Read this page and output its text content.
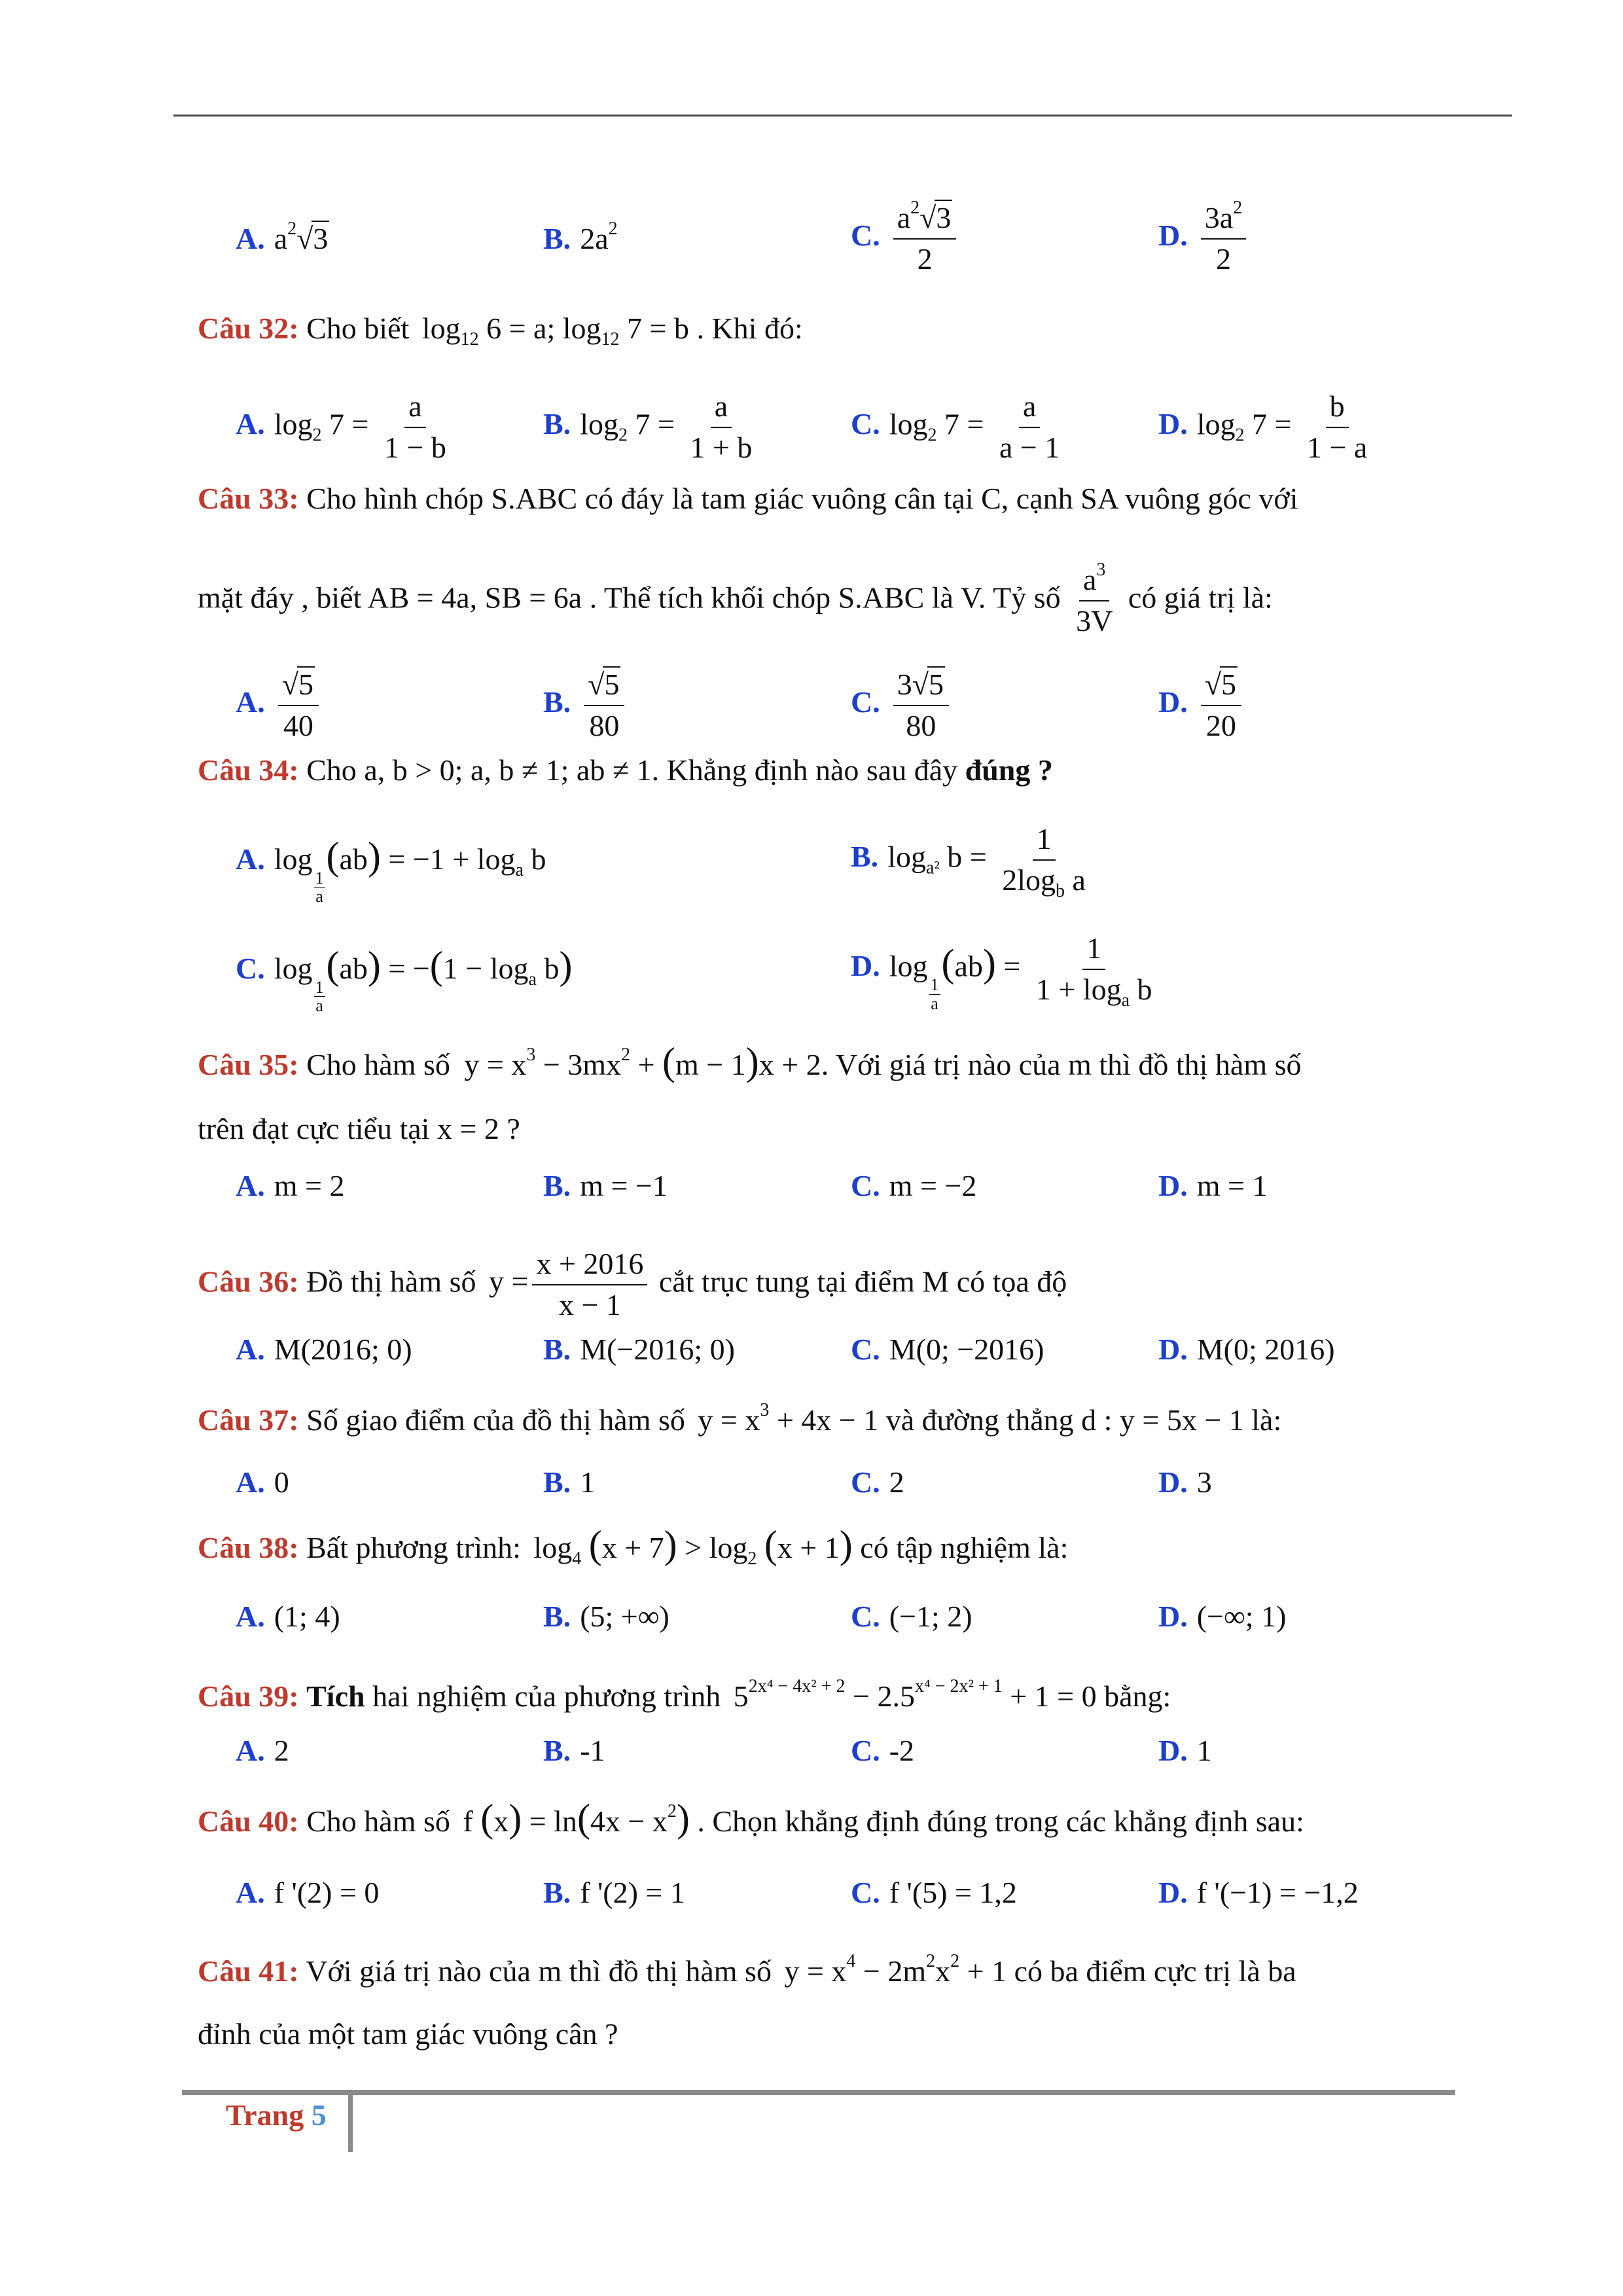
A. $a^2√3$	B. $2a^2$	C. $\frac{a^2√3}{2}$	D. $\frac{3a^2}{2}$
Câu 32: Cho biết $\log_{12} 6 = a$; $\log_{12} 7 = b$ . Khi đó:
A. $\log_2 7 = \frac{a}{1 - b}$	B. $\log_2 7 = \frac{a}{1 + b}$	C. $\log_2 7 = \frac{a}{a - 1}$	D. $\log_2 7 = \frac{b}{1 - a}$
Câu 33: Cho hình chóp S.ABC có đáy là tam giác vuông cân tại C, cạnh SA vuông góc với
mặt đáy , biết AB = 4a, SB = 6a . Thể tích khối chóp S.ABC là V. Tỷ số $\frac{a^3}{3V}$ có giá trị là:
A. $\frac{√5}{40}$	B. $\frac{√5}{80}$	C. $\frac{3√5}{80}$	D. $\frac{√5}{20}$
Câu 34: Cho a, b > 0; a, b ≠ 1; ab ≠ 1. Khẳng định nào sau đây đúng ?
A. log
$\frac{1}{a}$
$(ab) = -1 + \log_a b$	B. $\log_{a^2} b = \frac{1}{2\log_b a}$
C. log
$\frac{1}{a}$
$(ab) = -(1 - \log_a b)$	D. log
$\frac{1}{a}$
$(ab) = \frac{1}{1 + \log_a b}$
Câu 35: Cho hàm số $y = x^3 - 3mx^2 + (m - 1)x + 2$. Với giá trị nào của m thì đồ thị hàm số
trên đạt cực tiểu tại x = 2 ?
A. m = 2	B. m = −1	C. m = −2	D. m = 1
Câu 36: Đồ thị hàm số $y = \frac{x + 2016}{x - 1}$ cắt trục tung tại điểm M có tọa độ
A. M(2016; 0)	B. M(−2016; 0)	C. M(0; −2016)	D. M(0; 2016)
Câu 37: Số giao điểm của đồ thị hàm số $y = x^3 + 4x - 1$ và đường thẳng d : y = 5x − 1 là:
A. 0	B. 1	C. 2	D. 3
Câu 38: Bất phương trình: $\log_4 (x + 7) > \log_2 (x + 1)$ có tập nghiệm là:
A. (1; 4)	B. (5; +∞)	C. (−1; 2)	D. (−∞; 1)
Câu 39: Tích hai nghiệm của phương trình $5^{2x^4 - 4x^2 + 2} - 2.5^{x^4 - 2x^2 + 1} + 1 = 0$ bằng:
A. 2	B. -1	C. -2	D. 1
Câu 40: Cho hàm số f $(x) = \ln(4x - x^2)$ . Chọn khẳng định đúng trong các khẳng định sau:
A. f '(2) = 0	B. f '(2) = 1	C. f '(5) = 1,2	D. f '(−1) = −1,2
Câu 41: Với giá trị nào của m thì đồ thị hàm số $y = x^4 - 2m^2x^2 + 1$ có ba điểm cực trị là ba
đỉnh của một tam giác vuông cân ?
Trang 5
